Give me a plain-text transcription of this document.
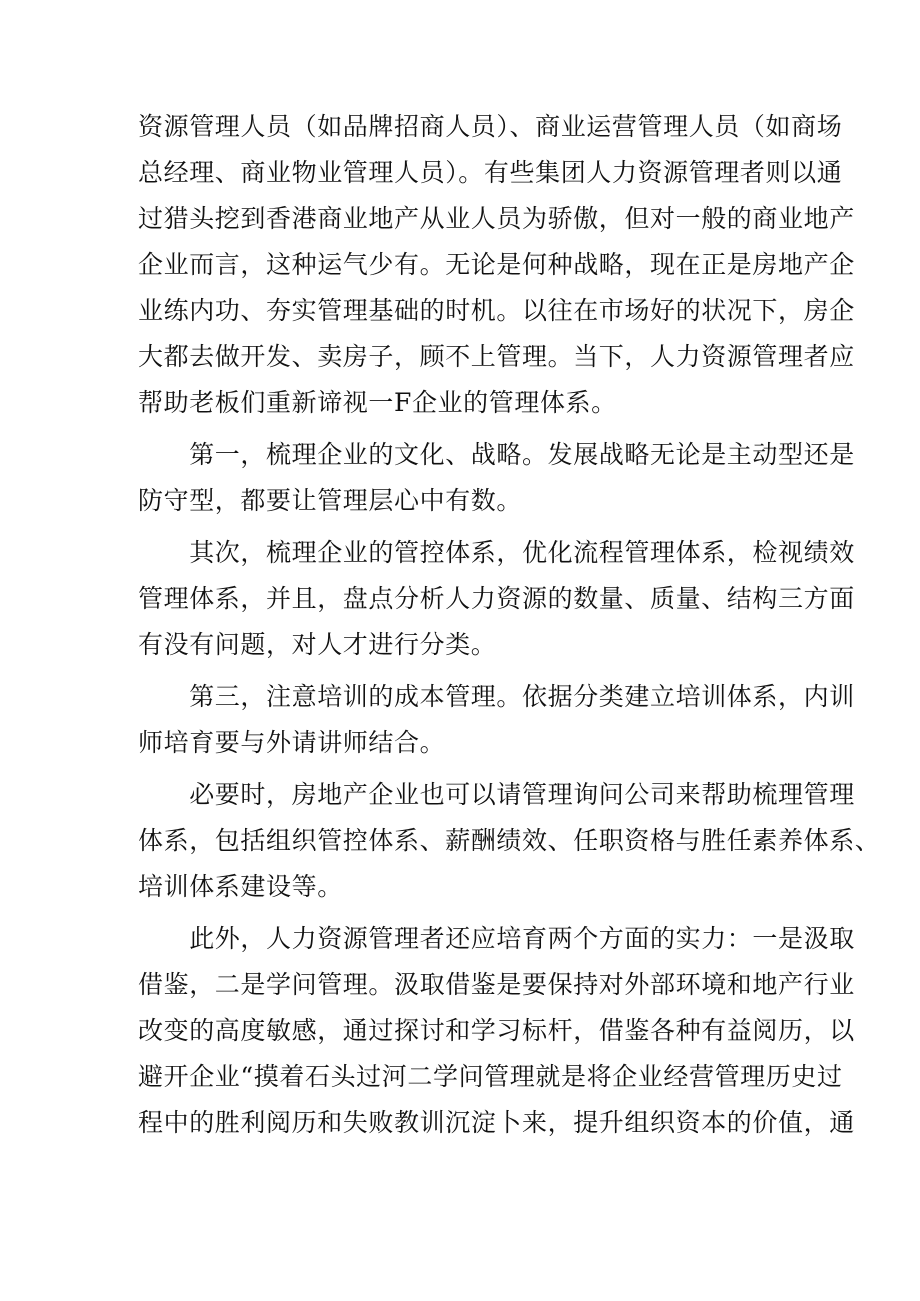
资源管理人员（如品牌招商人员）、商业运营管理人员（如商场
总经理、商业物业管理人员）。有些集团人力资源管理者则以通
过猎头挖到香港商业地产从业人员为骄傲，但对一般的商业地产
企业而言，这种运气少有。无论是何种战略，现在正是房地产企
业练内功、夯实管理基础的时机。以往在市场好的状况下，房企
大都去做开发、卖房子，顾不上管理。当下，人力资源管理者应
帮助老板们重新谛视一F企业的管理体系。
　　第一，梳理企业的文化、战略。发展战略无论是主动型还是
防守型，都要让管理层心中有数。
　　其次，梳理企业的管控体系，优化流程管理体系，检视绩效
管理体系，并且，盘点分析人力资源的数量、质量、结构三方面
有没有问题，对人才进行分类。
　　第三，注意培训的成本管理。依据分类建立培训体系，内训
师培育要与外请讲师结合。
　　必要时，房地产企业也可以请管理询问公司来帮助梳理管理
体系，包括组织管控体系、薪酬绩效、任职资格与胜任素养体系、
培训体系建设等。
　　此外，人力资源管理者还应培育两个方面的实力：一是汲取
借鉴，二是学问管理。汲取借鉴是要保持对外部环境和地产行业
改变的高度敏感，通过探讨和学习标杆，借鉴各种有益阅历，以
避开企业“摸着石头过河二学问管理就是将企业经营管理历史过
程中的胜利阅历和失败教训沉淀卜来，提升组织资本的价值，通
